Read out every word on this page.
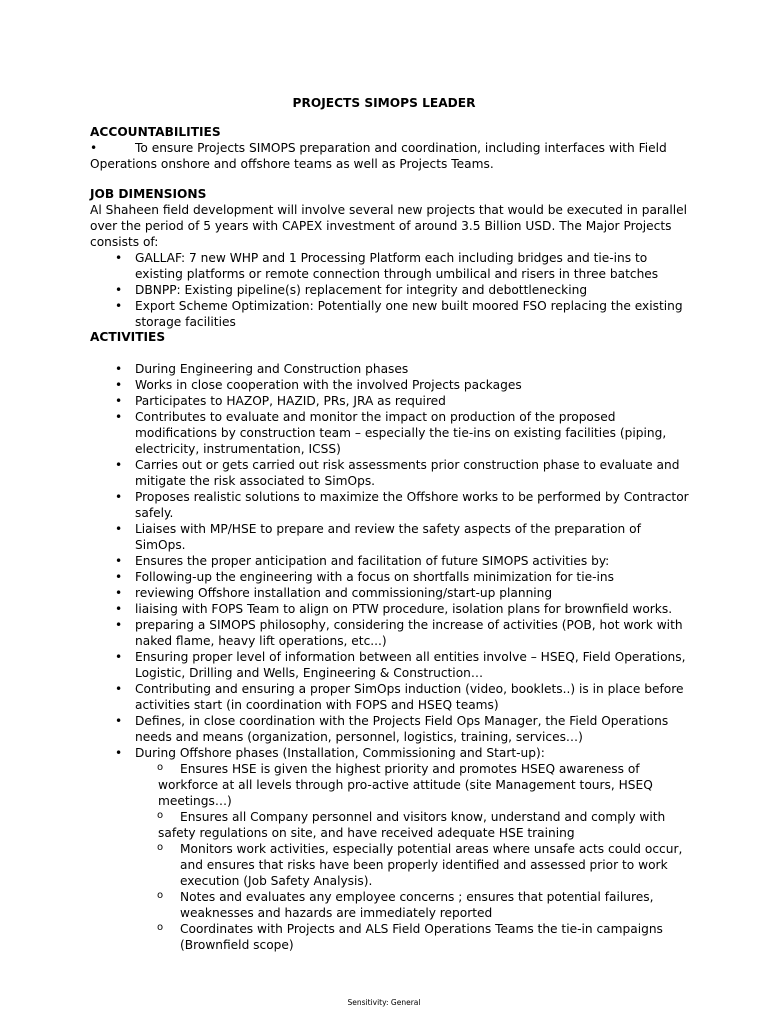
PROJECTS SIMOPS LEADER
ACCOUNTABILITIES
•	To ensure Projects SIMOPS preparation and coordination, including interfaces with Field
Operations onshore and offshore teams as well as Projects Teams.
JOB DIMENSIONS

Al Shaheen field development will involve several new projects that would be executed in parallel over the period of 5 years with CAPEX investment of around 3.5 Billion USD. The Major Projects consists of:

• GALLAF: 7 new WHP and 1 Processing Platform each including bridges and tie-ins to existing platforms or remote connection through umbilical and risers in three batches
• DBNPP: Existing pipeline(s) replacement for integrity and debottlenecking
• Export Scheme Optimization: Potentially one new built moored FSO replacing the existing storage facilities
ACTIVITIES
• During Engineering and Construction phases
• Works in close cooperation with the involved Projects packages
• Participates to HAZOP, HAZID, PRs, JRA as required
• Contributes to evaluate and monitor the impact on production of the proposed modifications by construction team – especially the tie-ins on existing facilities (piping, electricity, instrumentation, ICSS)
• Carries out or gets carried out risk assessments prior construction phase to evaluate and mitigate the risk associated to SimOps.
• Proposes realistic solutions to maximize the Offshore works to be performed by Contractor safely.
• Liaises with MP/HSE to prepare and review the safety aspects of the preparation of SimOps.
• Ensures the proper anticipation and facilitation of future SIMOPS activities by:
• Following-up the engineering with a focus on shortfalls minimization for tie-ins
• reviewing Offshore installation and commissioning/start-up planning
• liaising with FOPS Team to align on PTW procedure, isolation plans for brownfield works.
• preparing a SIMOPS philosophy, considering the increase of activities (POB, hot work with naked flame, heavy lift operations, etc...)
• Ensuring proper level of information between all entities involve – HSEQ, Field Operations, Logistic, Drilling and Wells, Engineering & Construction…
• Contributing and ensuring a proper SimOps induction (video, booklets..) is in place before activities start (in coordination with FOPS and HSEQ teams)
• Defines, in close coordination with the Projects Field Ops Manager, the Field Operations needs and means (organization, personnel, logistics, training, services…)
• During Offshore phases (Installation, Commissioning and Start-up):
o Ensures HSE is given the highest priority and promotes HSEQ awareness of workforce at all levels through pro-active attitude (site Management tours, HSEQ meetings…)
o Ensures all Company personnel and visitors know, understand and comply with safety regulations on site, and have received adequate HSE training
o Monitors work activities, especially potential areas where unsafe acts could occur, and ensures that risks have been properly identified and assessed prior to work execution (Job Safety Analysis).
o Notes and evaluates any employee concerns ; ensures that potential failures, weaknesses and hazards are immediately reported
o Coordinates with Projects and ALS Field Operations Teams the tie-in campaigns (Brownfield scope)
Sensitivity: General
